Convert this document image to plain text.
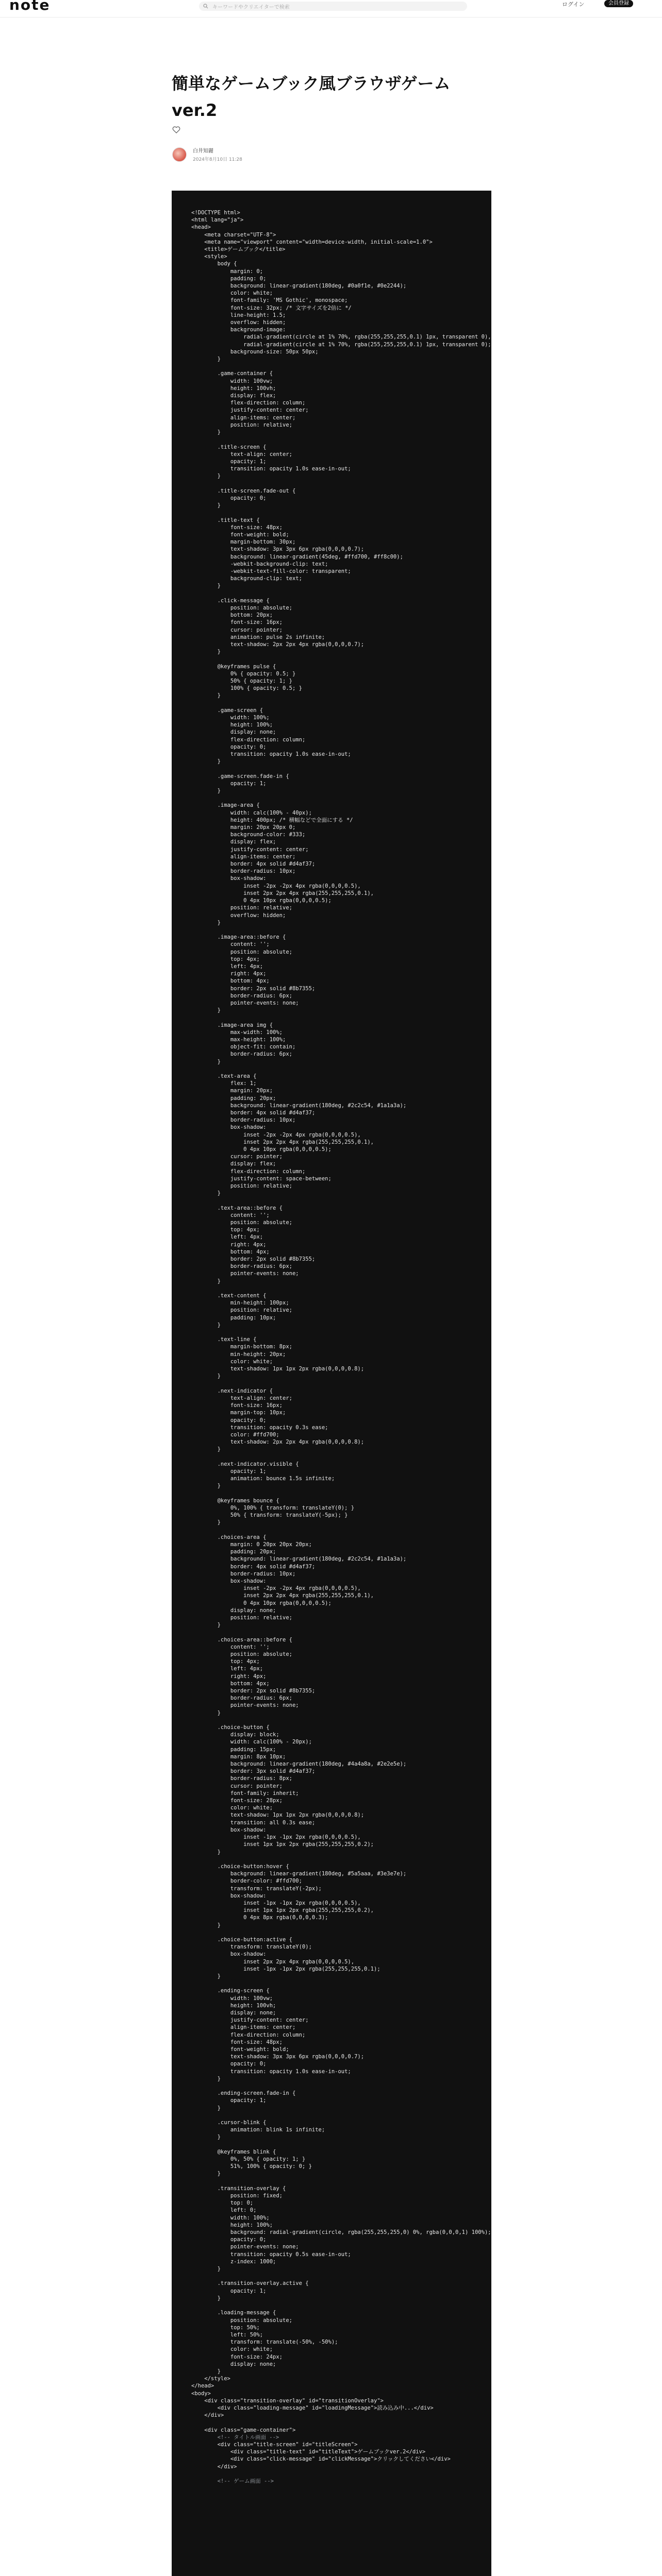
note	キーワードやクリエイターで検索	ログイン	会員登録
簡単なゲームブック風ブラウザゲーム
ver.2
白井知麗
2024年8月10日 11:28
<!DOCTYPE html>
<html lang="ja">
<head>
<meta charset="UTF-8">
<meta name="viewport" content="width=device-width, initial-scale=1.0">
<title>ゲームブック</title>
<style>
body {
margin: 0;
padding: 0;
background: linear-gradient(180deg, #0a0f1e, #0e2244);
color: white;
font-family: 'MS Gothic', monospace;
font-size: 32px; /* 文字サイズを2倍に */
line-height: 1.5;
overflow: hidden;
background-image:
radial-gradient(circle at 1% 70%, rgba(255,255,255,0.1) 1px, transparent 0),
radial-gradient(circle at 1% 70%, rgba(255,255,255,0.1) 1px, transparent 0);
background-size: 50px 50px;
}

.game-container {
width: 100vw;
height: 100vh;
display: flex;
flex-direction: column;
justify-content: center;
align-items: center;
position: relative;
}

.title-screen {
text-align: center;
opacity: 1;
transition: opacity 1.0s ease-in-out;
}

.title-screen.fade-out {
opacity: 0;
}

.title-text {
font-size: 48px;
font-weight: bold;
margin-bottom: 30px;
text-shadow: 3px 3px 6px rgba(0,0,0,0.7);
background: linear-gradient(45deg, #ffd700, #ff8c00);
-webkit-background-clip: text;
-webkit-text-fill-color: transparent;
background-clip: text;
}

.click-message {
position: absolute;
bottom: 20px;
font-size: 16px;
cursor: pointer;
animation: pulse 2s infinite;
text-shadow: 2px 2px 4px rgba(0,0,0,0.7);
}

@keyframes pulse {
0% { opacity: 0.5; }
50% { opacity: 1; }
100% { opacity: 0.5; }
}

.game-screen {
width: 100%;
height: 100%;
display: none;
flex-direction: column;
opacity: 0;
transition: opacity 1.0s ease-in-out;
}

.game-screen.fade-in {
opacity: 1;
}

.image-area {
width: calc(100% - 40px);
height: 400px; /* 横幅などで全面にする */
margin: 20px 20px 0;
background-color: #333;
display: flex;
justify-content: center;
align-items: center;
border: 4px solid #d4af37;
border-radius: 10px;
box-shadow:
inset -2px -2px 4px rgba(0,0,0,0.5),
inset 2px 2px 4px rgba(255,255,255,0.1),
0 4px 10px rgba(0,0,0,0.5);
position: relative;
overflow: hidden;
}

.image-area::before {
content: '';
position: absolute;
top: 4px;
left: 4px;
right: 4px;
bottom: 4px;
border: 2px solid #8b7355;
border-radius: 6px;
pointer-events: none;
}

.image-area img {
max-width: 100%;
max-height: 100%;
object-fit: contain;
border-radius: 6px;
}

.text-area {
flex: 1;
margin: 20px;
padding: 20px;
background: linear-gradient(180deg, #2c2c54, #1a1a3a);
border: 4px solid #d4af37;
border-radius: 10px;
box-shadow:
inset -2px -2px 4px rgba(0,0,0,0.5),
inset 2px 2px 4px rgba(255,255,255,0.1),
0 4px 10px rgba(0,0,0,0.5);
cursor: pointer;
display: flex;
flex-direction: column;
justify-content: space-between;
position: relative;
}

.text-area::before {
content: '';
position: absolute;
top: 4px;
left: 4px;
right: 4px;
bottom: 4px;
border: 2px solid #8b7355;
border-radius: 6px;
pointer-events: none;
}

.text-content {
min-height: 100px;
position: relative;
padding: 10px;
}

.text-line {
margin-bottom: 8px;
min-height: 20px;
color: white;
text-shadow: 1px 1px 2px rgba(0,0,0,0.8);
}

.next-indicator {
text-align: center;
font-size: 16px;
margin-top: 10px;
opacity: 0;
transition: opacity 0.3s ease;
color: #ffd700;
text-shadow: 2px 2px 4px rgba(0,0,0,0.8);
}

.next-indicator.visible {
opacity: 1;
animation: bounce 1.5s infinite;
}

@keyframes bounce {
0%, 100% { transform: translateY(0); }
50% { transform: translateY(-5px); }
}

.choices-area {
margin: 0 20px 20px 20px;
padding: 20px;
background: linear-gradient(180deg, #2c2c54, #1a1a3a);
border: 4px solid #d4af37;
border-radius: 10px;
box-shadow:
inset -2px -2px 4px rgba(0,0,0,0.5),
inset 2px 2px 4px rgba(255,255,255,0.1),
0 4px 10px rgba(0,0,0,0.5);
display: none;
position: relative;
}

.choices-area::before {
content: '';
position: absolute;
top: 4px;
left: 4px;
right: 4px;
bottom: 4px;
border: 2px solid #8b7355;
border-radius: 6px;
pointer-events: none;
}

.choice-button {
display: block;
width: calc(100% - 20px);
padding: 15px;
margin: 8px 10px;
background: linear-gradient(180deg, #4a4a8a, #2e2e5e);
border: 3px solid #d4af37;
border-radius: 8px;
cursor: pointer;
font-family: inherit;
font-size: 28px;
color: white;
text-shadow: 1px 1px 2px rgba(0,0,0,0.8);
transition: all 0.3s ease;
box-shadow:
inset -1px -1px 2px rgba(0,0,0,0.5),
inset 1px 1px 2px rgba(255,255,255,0.2);
}

.choice-button:hover {
background: linear-gradient(180deg, #5a5aaa, #3e3e7e);
border-color: #ffd700;
transform: translateY(-2px);
box-shadow:
inset -1px -1px 2px rgba(0,0,0,0.5),
inset 1px 1px 2px rgba(255,255,255,0.2),
0 4px 8px rgba(0,0,0,0.3);
}

.choice-button:active {
transform: translateY(0);
box-shadow:
inset 2px 2px 4px rgba(0,0,0,0.5),
inset -1px -1px 2px rgba(255,255,255,0.1);
}

.ending-screen {
width: 100vw;
height: 100vh;
display: none;
justify-content: center;
align-items: center;
flex-direction: column;
font-size: 48px;
font-weight: bold;
text-shadow: 3px 3px 6px rgba(0,0,0,0.7);
opacity: 0;
transition: opacity 1.0s ease-in-out;
}

.ending-screen.fade-in {
opacity: 1;
}

.cursor-blink {
animation: blink 1s infinite;
}

@keyframes blink {
0%, 50% { opacity: 1; }
51%, 100% { opacity: 0; }
}

.transition-overlay {
position: fixed;
top: 0;
left: 0;
width: 100%;
height: 100%;
background: radial-gradient(circle, rgba(255,255,255,0) 0%, rgba(0,0,0,1) 100%);
opacity: 0;
pointer-events: none;
transition: opacity 0.5s ease-in-out;
z-index: 1000;
}

.transition-overlay.active {
opacity: 1;
}

.loading-message {
position: absolute;
top: 50%;
left: 50%;
transform: translate(-50%, -50%);
color: white;
font-size: 24px;
display: none;
}
</style>
</head>
<body>
<div class="transition-overlay" id="transitionOverlay">
<div class="loading-message" id="loadingMessage">読み込み中...</div>
</div>

<div class="game-container">
<!-- タイトル画面 -->
<div class="title-screen" id="titleScreen">
<div class="title-text" id="titleText">ゲームブックver.2</div>
<div class="click-message" id="clickMessage">クリックしてください</div>
</div>

<!-- ゲーム画面 -->
